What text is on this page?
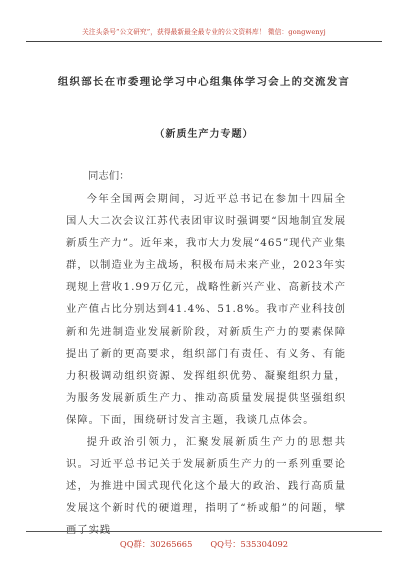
关注头条号“公文研究”，获得最新最全最专业的公文资料库！ 微信：gongwenyj
组织部长在市委理论学习中心组集体学习会上的交流发言
（新质生产力专题）
同志们：

今年全国两会期间，习近平总书记在参加十四届全国人大二次会议江苏代表团审议时强调要“因地制宜发展新质生产力”。近年来，我市大力发展“465”现代产业集群，以制造业为主战场，积极布局未来产业，2023年实现规上营收1.99万亿元，战略性新兴产业、高新技术产业产值占比分别达到41.4%、51.8%。我市产业科技创新和先进制造业发展新阶段，对新质生产力的要素保障提出了新的更高要求，组织部门有责任、有义务、有能力积极调动组织资源、发挥组织优势、凝聚组织力量，为服务发展新质生产力、推动高质量发展提供坚强组织保障。下面，围绕研讨发言主题，我谈几点体会。

提升政治引领力，汇聚发展新质生产力的思想共识。习近平总书记关于发展新质生产力的一系列重要论述，为推进中国式现代化这个最大的政治、践行高质量发展这个新时代的硬道理，指明了“桥或船”的问题，擘

QQ群：30265665 QQ号：535304092
